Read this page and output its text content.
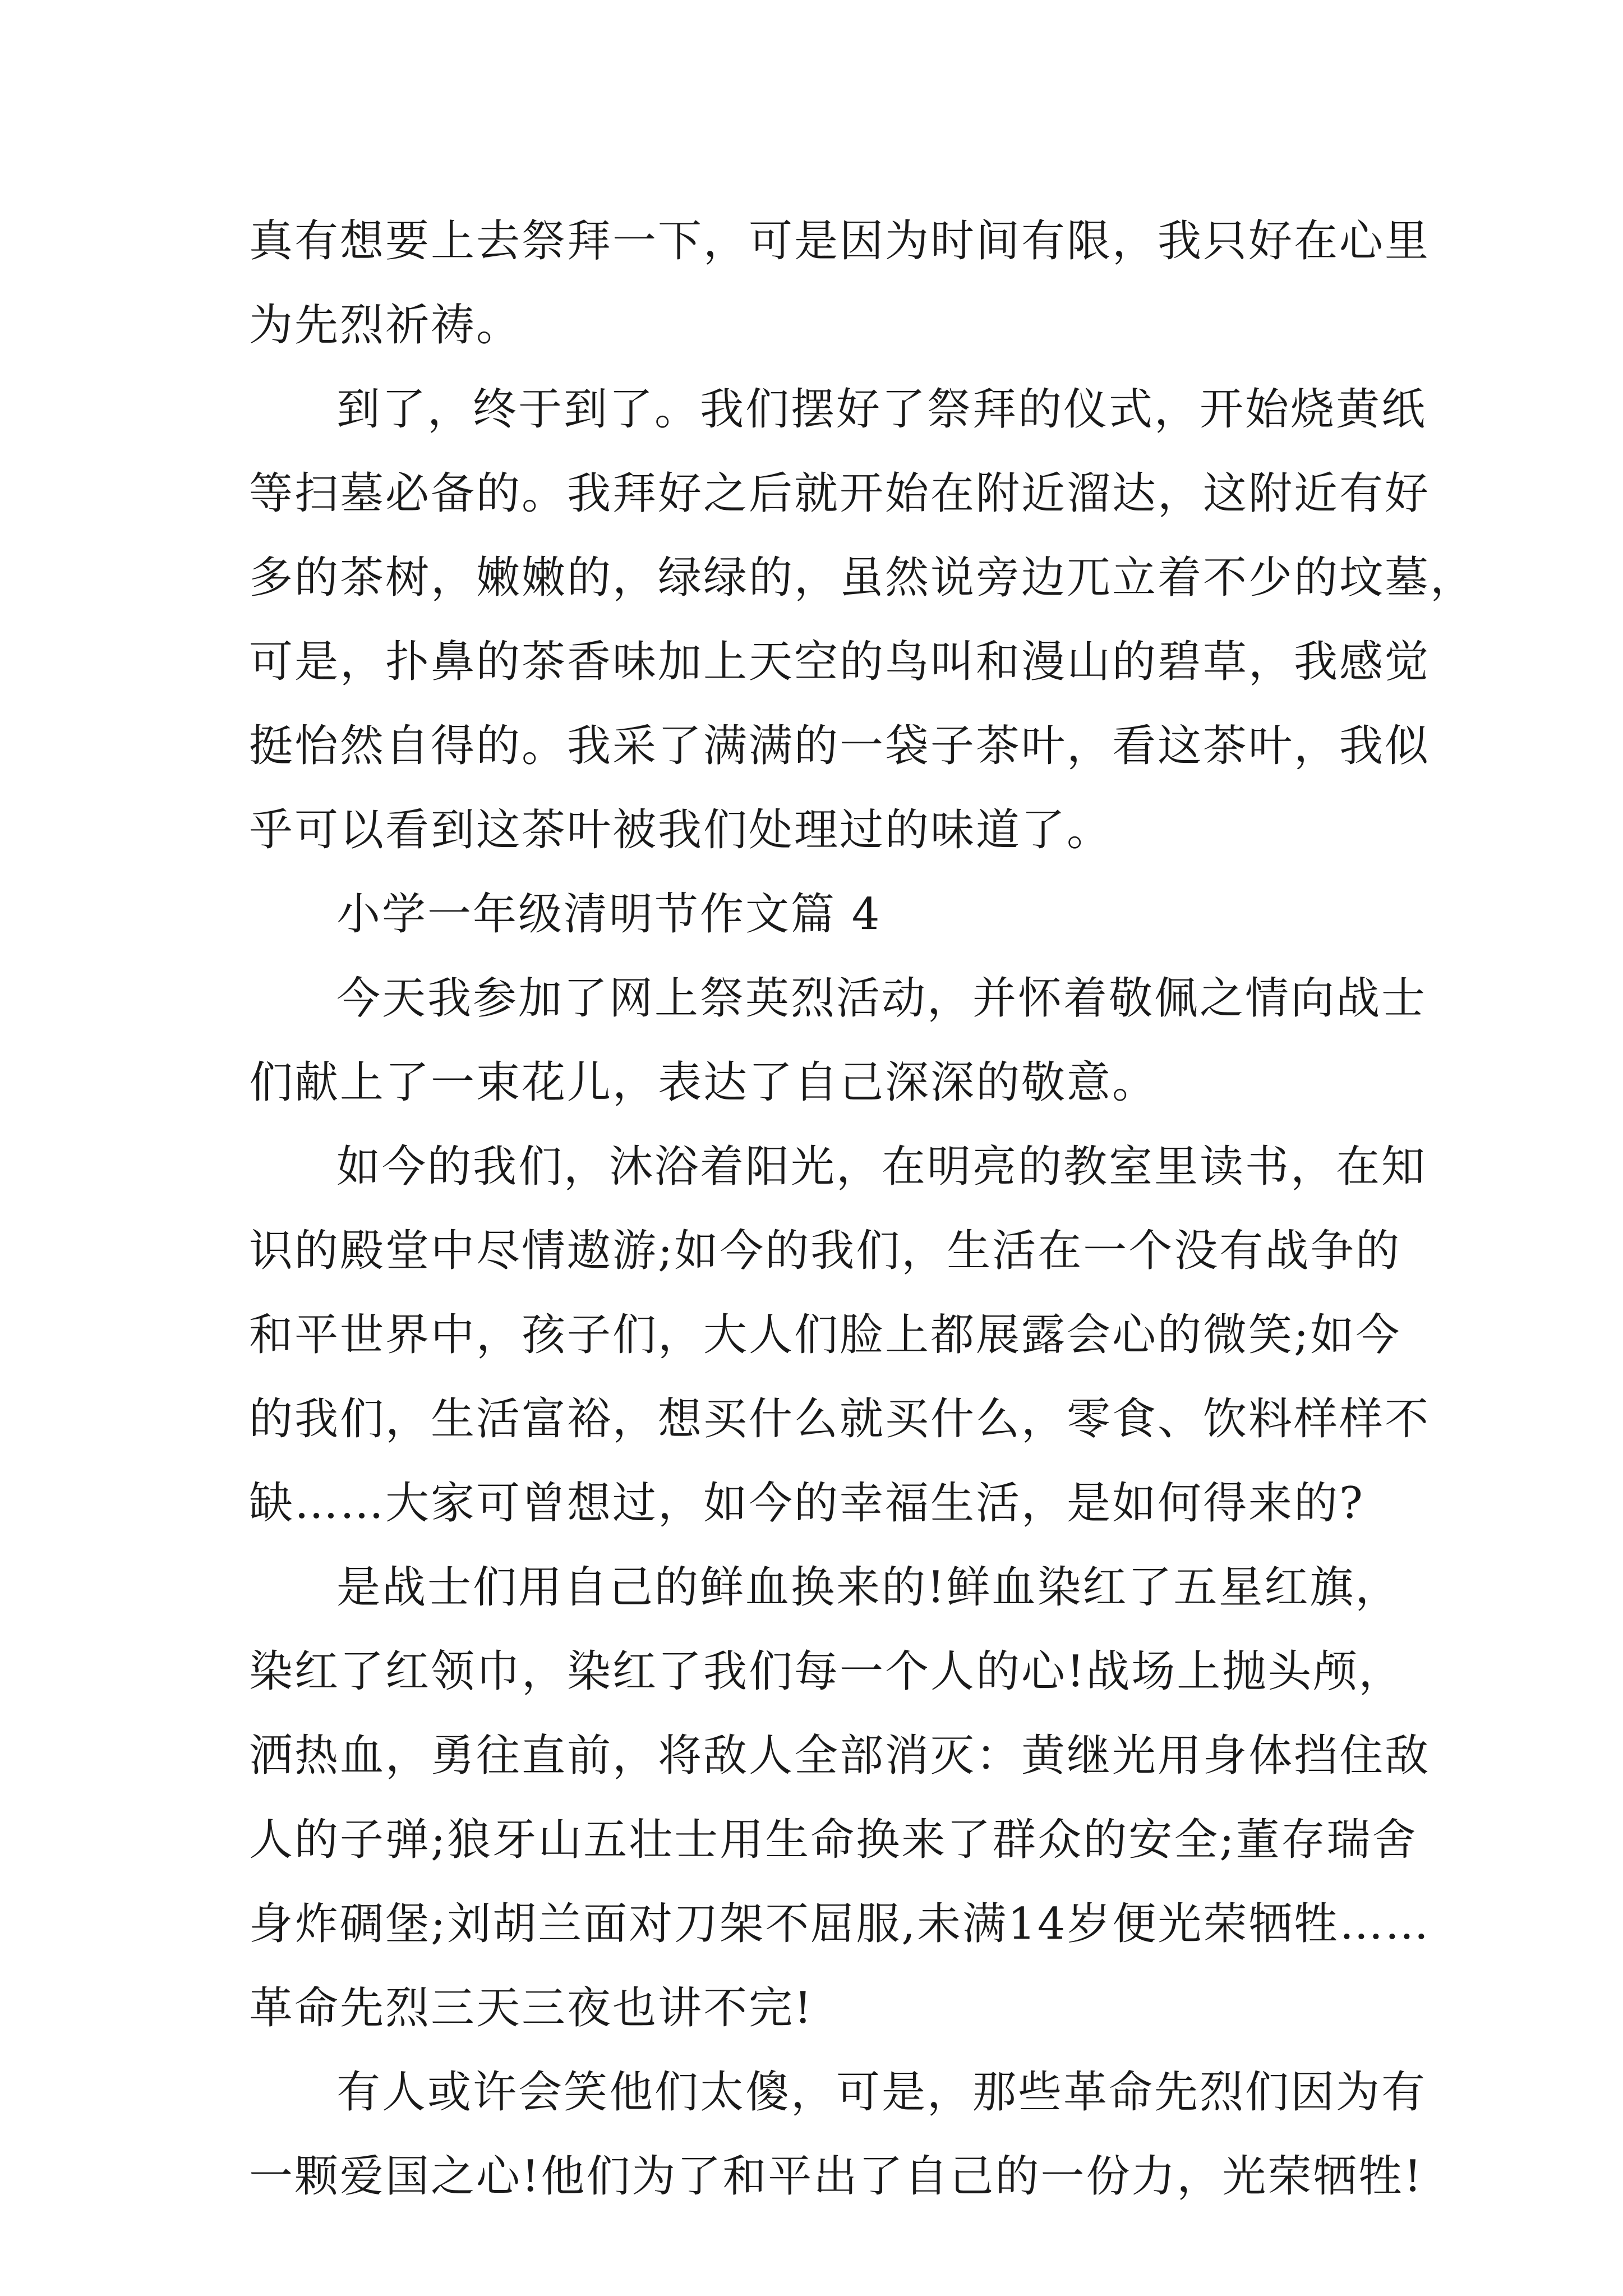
真有想要上去祭拜一下，可是因为时间有限，我只好在心里
为先烈祈祷。
到了，终于到了。我们摆好了祭拜的仪式，开始烧黄纸
等扫墓必备的。我拜好之后就开始在附近溜达，这附近有好
多的茶树，嫩嫩的，绿绿的，虽然说旁边兀立着不少的坟墓，
可是，扑鼻的茶香味加上天空的鸟叫和漫山的碧草，我感觉
挺怡然自得的。我采了满满的一袋子茶叶，看这茶叶，我似
乎可以看到这茶叶被我们处理过的味道了。
小学一年级清明节作文篇 4
今天我参加了网上祭英烈活动，并怀着敬佩之情向战士
们献上了一束花儿，表达了自己深深的敬意。
如今的我们，沐浴着阳光，在明亮的教室里读书，在知
识的殿堂中尽情遨游;如今的我们，生活在一个没有战争的
和平世界中，孩子们，大人们脸上都展露会心的微笑;如今
的我们，生活富裕，想买什么就买什么，零食、饮料样样不
缺……大家可曾想过，如今的幸福生活，是如何得来的?
是战士们用自己的鲜血换来的!鲜血染红了五星红旗，
染红了红领巾，染红了我们每一个人的心!战场上抛头颅，
洒热血，勇往直前，将敌人全部消灭：黄继光用身体挡住敌
人的子弹;狼牙山五壮士用生命换来了群众的安全;董存瑞舍
身炸碉堡;刘胡兰面对刀架不屈服,未满14岁便光荣牺牲……
革命先烈三天三夜也讲不完!
有人或许会笑他们太傻，可是，那些革命先烈们因为有
一颗爱国之心!他们为了和平出了自己的一份力，光荣牺牲!
